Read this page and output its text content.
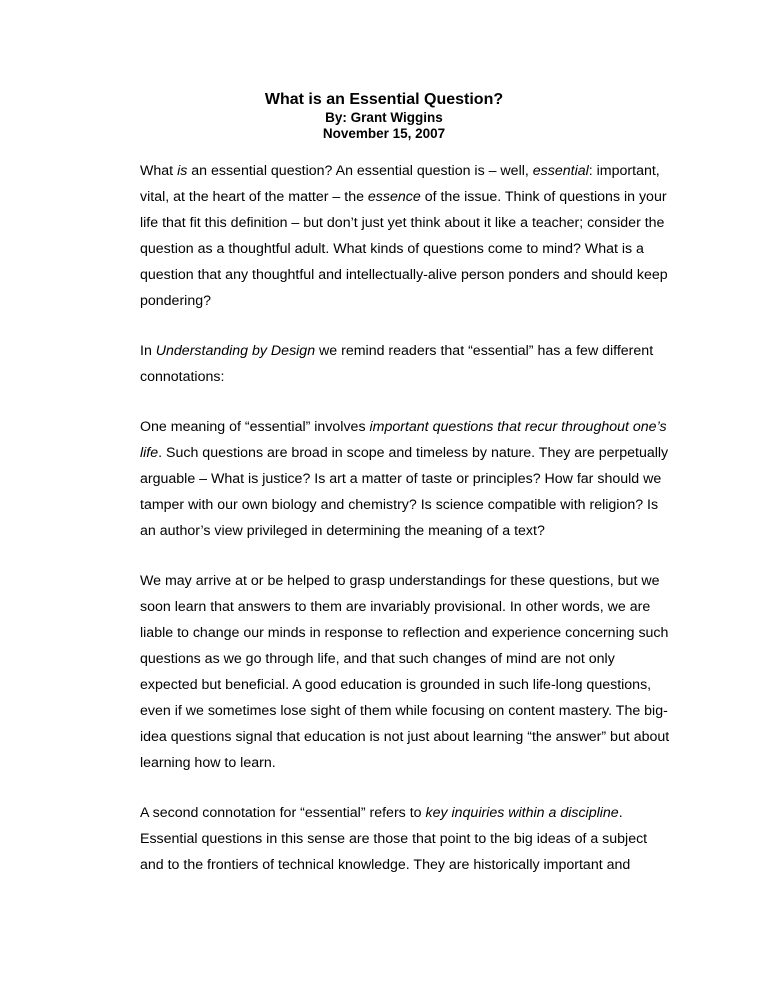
What is an Essential Question?
By: Grant Wiggins
November 15, 2007

What is an essential question? An essential question is – well, essential: important, vital, at the heart of the matter – the essence of the issue. Think of questions in your life that fit this definition – but don’t just yet think about it like a teacher; consider the question as a thoughtful adult. What kinds of questions come to mind? What is a question that any thoughtful and intellectually-alive person ponders and should keep pondering?

In Understanding by Design we remind readers that “essential” has a few different connotations:

One meaning of “essential” involves important questions that recur throughout one’s life. Such questions are broad in scope and timeless by nature. They are perpetually arguable – What is justice? Is art a matter of taste or principles? How far should we tamper with our own biology and chemistry? Is science compatible with religion? Is an author’s view privileged in determining the meaning of a text?

We may arrive at or be helped to grasp understandings for these questions, but we soon learn that answers to them are invariably provisional. In other words, we are liable to change our minds in response to reflection and experience concerning such questions as we go through life, and that such changes of mind are not only expected but beneficial. A good education is grounded in such life-long questions, even if we sometimes lose sight of them while focusing on content mastery. The big-idea questions signal that education is not just about learning “the answer” but about learning how to learn.

A second connotation for “essential” refers to key inquiries within a discipline. Essential questions in this sense are those that point to the big ideas of a subject and to the frontiers of technical knowledge. They are historically important and
